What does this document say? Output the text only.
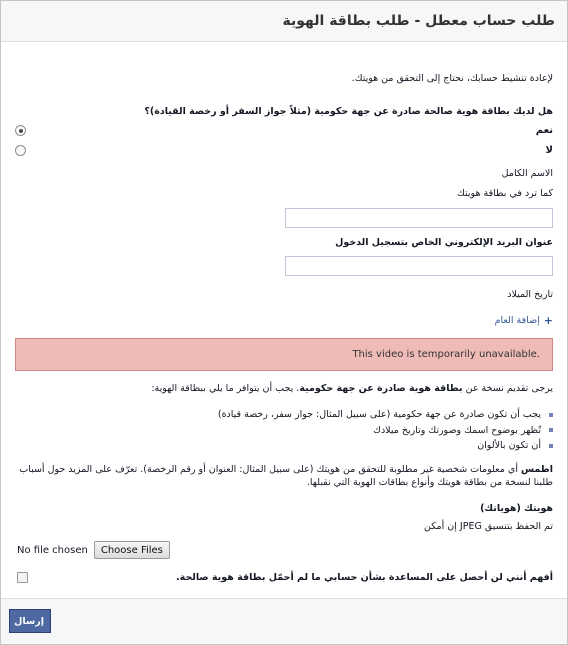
طلب حساب معطل - طلب بطاقة الهوية
لإعادة تنشيط حسابك، نحتاج إلى التحقق من هويتك.
هل لديك بطاقة هوية صالحة صادرة عن جهة حكومية (مثلاً جواز السفر أو رخصة القيادة)؟
نعم
لا
الاسم الكامل
كما ترد في بطاقة هويتك
عنوان البريد الإلكتروني الخاص بتسجيل الدخول
تاريخ الميلاد
+
إضافة العام
This video is temporarily unavailable.
يرجى تقديم نسخة عن بطاقة هوية صادرة عن جهة حكومية. يجب أن يتوافر ما يلي ببطاقة الهوية:
يجب أن تكون صادرة عن جهة حكومية (على سبيل المثال: جواز سفر، رخصة قيادة)
تُظهر بوضوح اسمك وصورتك وتاريخ ميلادك
أن تكون بالألوان
اطمس أي معلومات شخصية غير مطلوبة للتحقق من هويتك (على سبيل المثال: العنوان أو رقم الرخصة). تعرّف على المزيد حول أسباب طلبنا لنسخة من بطاقة هويتك وأنواع بطاقات الهوية التي نقبلها.
هويتك (هوياتك)
تم الحفظ بتنسيق JPEG إن أمكن
No file chosen	Choose Files
أفهم أنني لن أحصل على المساعدة بشأن حسابي ما لم أحمّل بطاقة هوية صالحة.
إرسال
